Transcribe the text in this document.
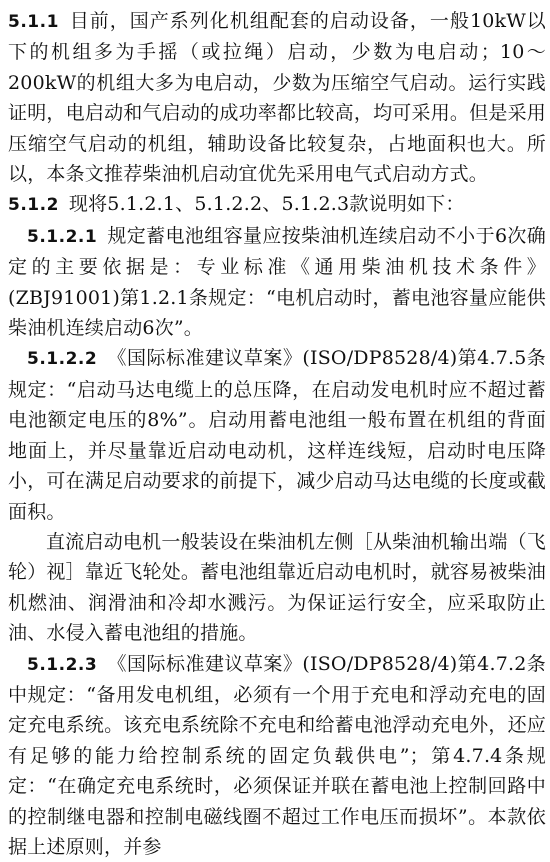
5.1.1 目前，国产系列化机组配套的启动设备，一般10kW以下的机组多为手摇（或拉绳）启动，少数为电启动；10～200kW的机组大多为电启动，少数为压缩空气启动。运行实践证明，电启动和气启动的成功率都比较高，均可采用。但是采用压缩空气启动的机组，辅助设备比较复杂，占地面积也大。所以，本条文推荐柴油机启动宜优先采用电气式启动方式。

5.1.2 现将5.1.2.1、5.1.2.2、5.1.2.3款说明如下：

5.1.2.1 规定蓄电池组容量应按柴油机连续启动不小于6次确定的主要依据是：专业标准《通用柴油机技术条件》(ZBJ91001)第1.2.1条规定：“电机启动时，蓄电池容量应能供柴油机连续启动6次”。

5.1.2.2 《国际标准建议草案》(ISO/DP8528/4)第4.7.5条规定：“启动马达电缆上的总压降，在启动发电机时应不超过蓄电池额定电压的8%”。启动用蓄电池组一般布置在机组的背面地面上，并尽量靠近启动电动机，这样连线短，启动时电压降小，可在满足启动要求的前提下，减少启动马达电缆的长度或截面积。

直流启动电机一般装设在柴油机左侧［从柴油机输出端（飞轮）视］靠近飞轮处。蓄电池组靠近启动电机时，就容易被柴油机燃油、润滑油和冷却水溅污。为保证运行安全，应采取防止油、水侵入蓄电池组的措施。

5.1.2.3 《国际标准建议草案》(ISO/DP8528/4)第4.7.2条中规定：“备用发电机组，必须有一个用于充电和浮动充电的固定充电系统。该充电系统除不充电和给蓄电池浮动充电外，还应有足够的能力给控制系统的固定负载供电”；第4.7.4条规定：“在确定充电系统时，必须保证并联在蓄电池上控制回路中的控制继电器和控制电磁线圈不超过工作电压而损坏”。本款依据上述原则，并参
